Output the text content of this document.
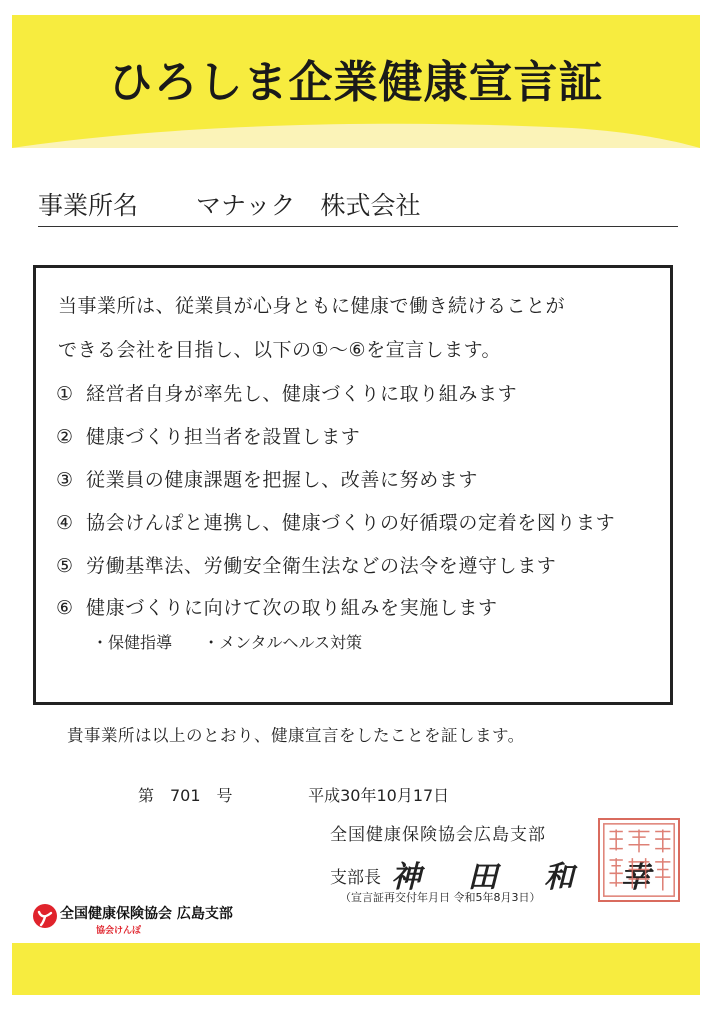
ひろしま企業健康宣言証
事業所名 マナック　株式会社
当事業所は、従業員が心身ともに健康で働き続けることが
できる会社を目指し、以下の①〜⑥を宣言します。
① 経営者自身が率先し、健康づくりに取り組みます
② 健康づくり担当者を設置します
③ 従業員の健康課題を把握し、改善に努めます
④ 協会けんぽと連携し、健康づくりの好循環の定着を図ります
⑤ 労働基準法、労働安全衛生法などの法令を遵守します
⑥ 健康づくりに向けて次の取り組みを実施します
・保健指導 ・メンタルヘルス対策
貴事業所は以上のとおり、健康宣言をしたことを証します。
第　701　号	平成30年10月17日
全国健康保険協会広島支部
支部長 神 田 和 幸
（宣言証再交付年月日 令和5年8月3日）
全国健康保険協会 広島支部
協会けんぽ
